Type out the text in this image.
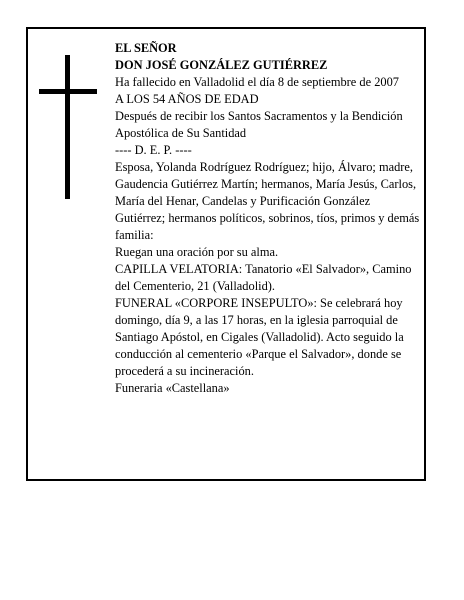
EL SEÑOR

DON JOSÉ GONZÁLEZ GUTIÉRREZ

Ha fallecido en Valladolid el día 8 de septiembre de 2007

A LOS 54 AÑOS DE EDAD

Después de recibir los Santos Sacramentos y la Bendición Apostólica de Su Santidad

---- D. E. P. ----

Esposa, Yolanda Rodríguez Rodríguez; hijo, Álvaro; madre, Gaudencia Gutiérrez Martín; hermanos, María Jesús, Carlos, María del Henar, Candelas y Purificación González Gutiérrez; hermanos políticos, sobrinos, tíos, primos y demás familia:

Ruegan una oración por su alma.

CAPILLA VELATORIA: Tanatorio «El Salvador», Camino del Cementerio, 21 (Valladolid).

FUNERAL «CORPORE INSEPULTO»: Se celebrará hoy domingo, día 9, a las 17 horas, en la iglesia parroquial de Santiago Apóstol, en Cigales (Valladolid). Acto seguido la conducción al cementerio «Parque el Salvador», donde se procederá a su incineración.

Funeraria «Castellana»
